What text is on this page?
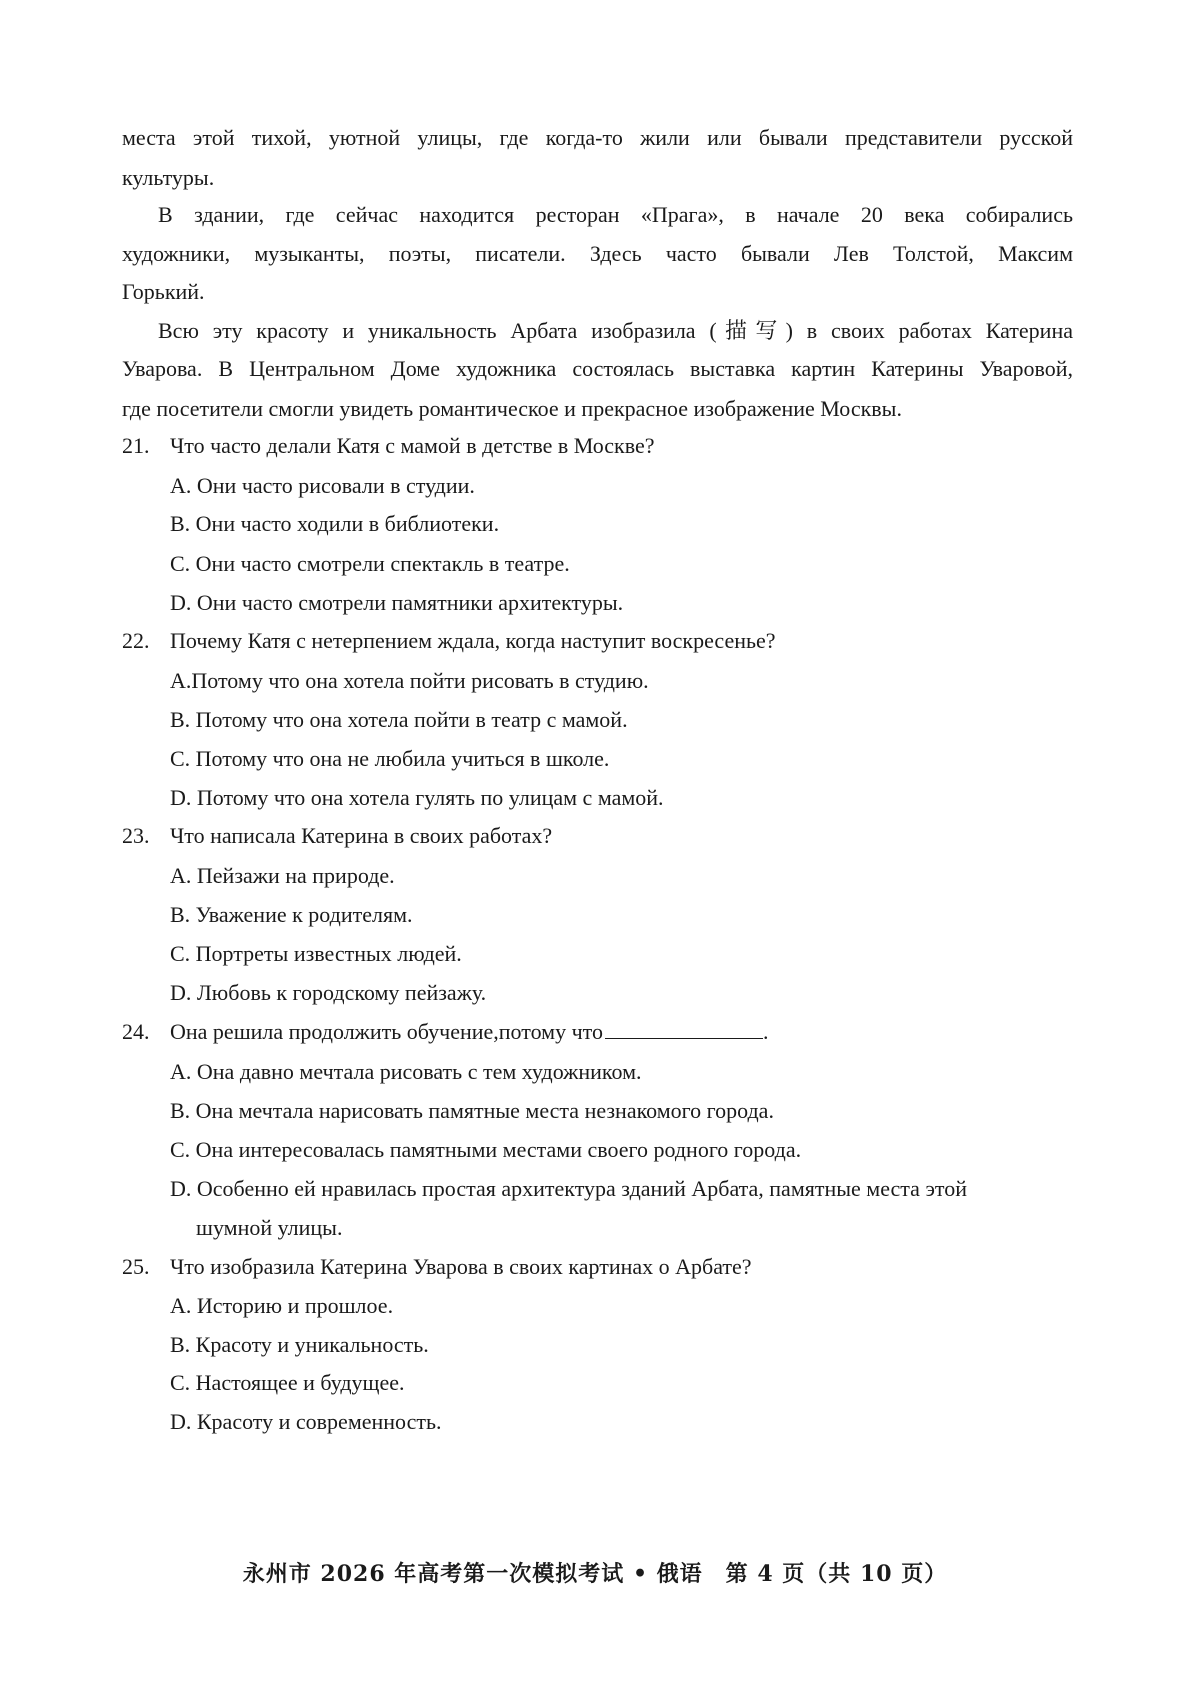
места этой тихой, уютной улицы, где когда-то жили или бывали представители русской
культуры.
В здании, где сейчас находится ресторан «Прага», в начале 20 века собирались
художники, музыканты, поэты, писатели. Здесь часто бывали Лев Толстой, Максим
Горький.
Всю эту красоту и уникальность Арбата изобразила (描写) в своих работах Катерина
Уварова. В Центральном Доме художника состоялась выставка картин Катерины Уваровой,
где посетители смогли увидеть романтическое и прекрасное изображение Москвы.
21. Что часто делали Катя с мамой в детстве в Москве?
A. Они часто рисовали в студии.
B. Они часто ходили в библиотеки.
C. Они часто смотрели спектакль в театре.
D. Они часто смотрели памятники архитектуры.
22. Почему Катя с нетерпением ждала, когда наступит воскресенье?
A.Потому что она хотела пойти рисовать в студию.
B. Потому что она хотела пойти в театр с мамой.
C. Потому что она не любила учиться в школе.
D. Потому что она хотела гулять по улицам с мамой.
23. Что написала Катерина в своих работах?
A. Пейзажи на природе.
B. Уважение к родителям.
C. Портреты известных людей.
D. Любовь к городскому пейзажу.
24. Она решила продолжить обучение,потому что	.
A. Она давно мечтала рисовать с тем художником.
B. Она мечтала нарисовать памятные места незнакомого города.
C. Она интересовалась памятными местами своего родного города.
D. Особенно ей нравилась простая архитектура зданий Арбата, памятные места этой
шумной улицы.
25. Что изобразила Катерина Уварова в своих картинах о Арбате?
A. Историю и прошлое.
B. Красоту и уникальность.
C. Настоящее и будущее.
D. Красоту и современность.
永州市 2026 年高考第一次模拟考试 • 俄语　第 4 页（共 10 页）
